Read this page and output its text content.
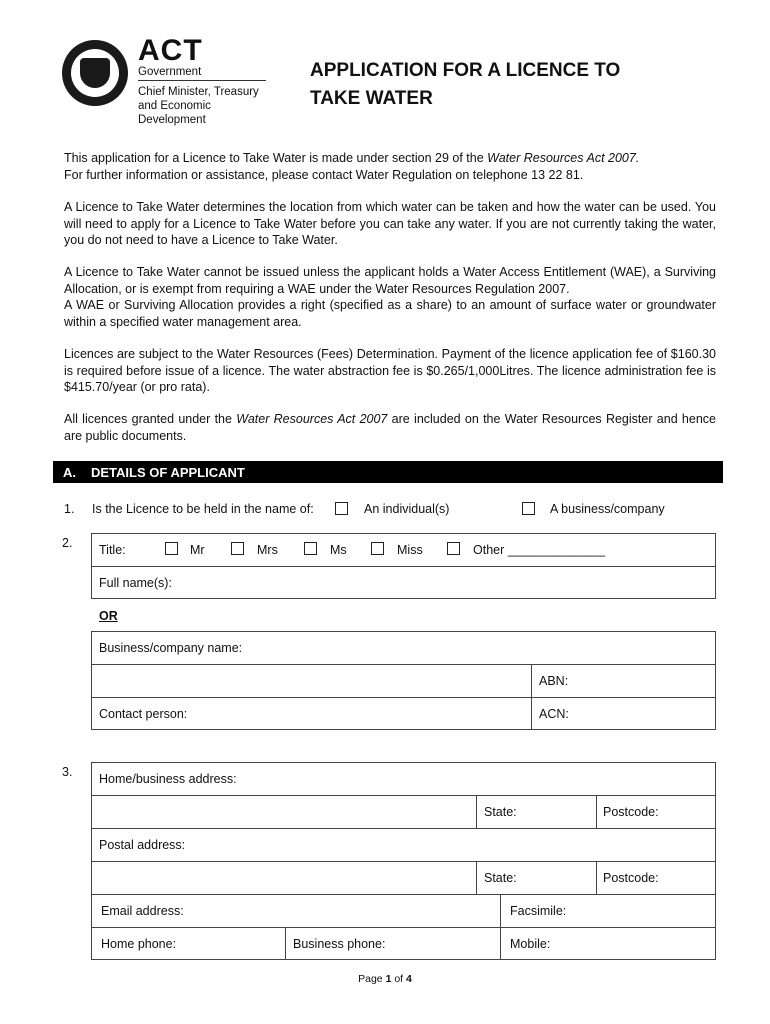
ACT
Government
Chief Minister, Treasury and Economic Development
APPLICATION FOR A LICENCE TO
TAKE WATER

This application for a Licence to Take Water is made under section 29 of the Water Resources Act 2007.
For further information or assistance, please contact Water Regulation on telephone 13 22 81.

A Licence to Take Water determines the location from which water can be taken and how the water can be used. You will need to apply for a Licence to Take Water before you can take any water. If you are not currently taking the water, you do not need to have a Licence to Take Water.

A Licence to Take Water cannot be issued unless the applicant holds a Water Access Entitlement (WAE), a Surviving Allocation, or is exempt from requiring a WAE under the Water Resources Regulation 2007.
A WAE or Surviving Allocation provides a right (specified as a share) to an amount of surface water or groundwater within a specified water management area.

Licences are subject to the Water Resources (Fees) Determination. Payment of the licence application fee of $160.30 is required before issue of a licence. The water abstraction fee is $0.265/1,000Litres. The licence administration fee is $415.70/year (or pro rata).

All licences granted under the Water Resources Act 2007 are included on the Water Resources Register and hence are public documents.

A. DETAILS OF APPLICANT
1. Is the Licence to be held in the name of:	An individual(s)	A business/company
2. Title:	Mr	Mrs	Ms	Miss	Other ______________
Full name(s):
OR
Business/company name:
ABN:
Contact person:	ACN:
3. Home/business address:
State:	Postcode:
Postal address:
State:	Postcode:
Email address:	Facsimile:
Home phone:	Business phone:	Mobile:
Page 1 of 4
